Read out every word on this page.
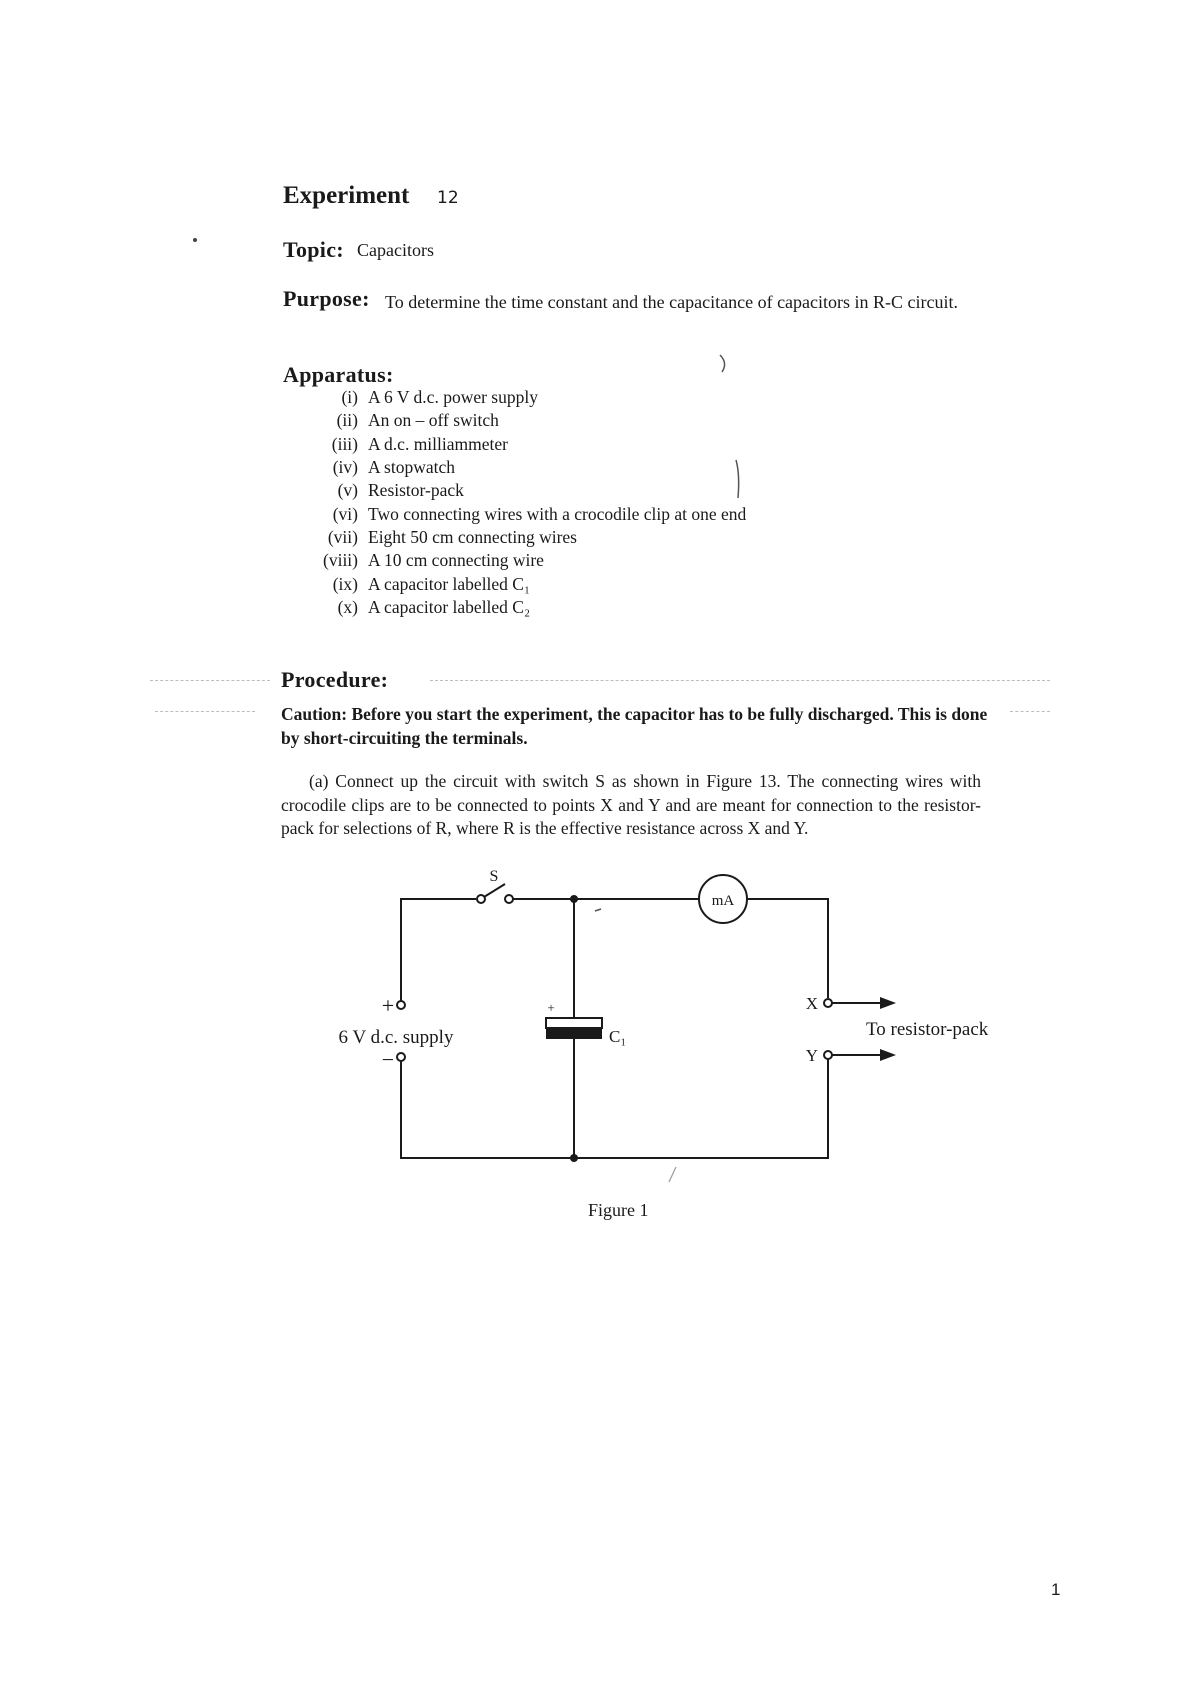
Experiment 12
Topic: Capacitors
Purpose: To determine the time constant and the capacitance of capacitors in R-C circuit.
Apparatus:
(i) A 6 V d.c. power supply
(ii) An on – off switch
(iii) A d.c. milliammeter
(iv) A stopwatch
(v) Resistor-pack
(vi) Two connecting wires with a crocodile clip at one end
(vii) Eight 50 cm connecting wires
(viii) A 10 cm connecting wire
(ix) A capacitor labelled C₁
(x) A capacitor labelled C₂
Procedure:
Caution: Before you start the experiment, the capacitor has to be fully discharged. This is done by short-circuiting the terminals.
(a) Connect up the circuit with switch S as shown in Figure 13. The connecting wires with crocodile clips are to be connected to points X and Y and are meant for connection to the resistor-pack for selections of R, where R is the effective resistance across X and Y.
S
mA
+
6 V d.c. supply
−
+
C₁
X
Y
To resistor-pack
Figure 1
1
